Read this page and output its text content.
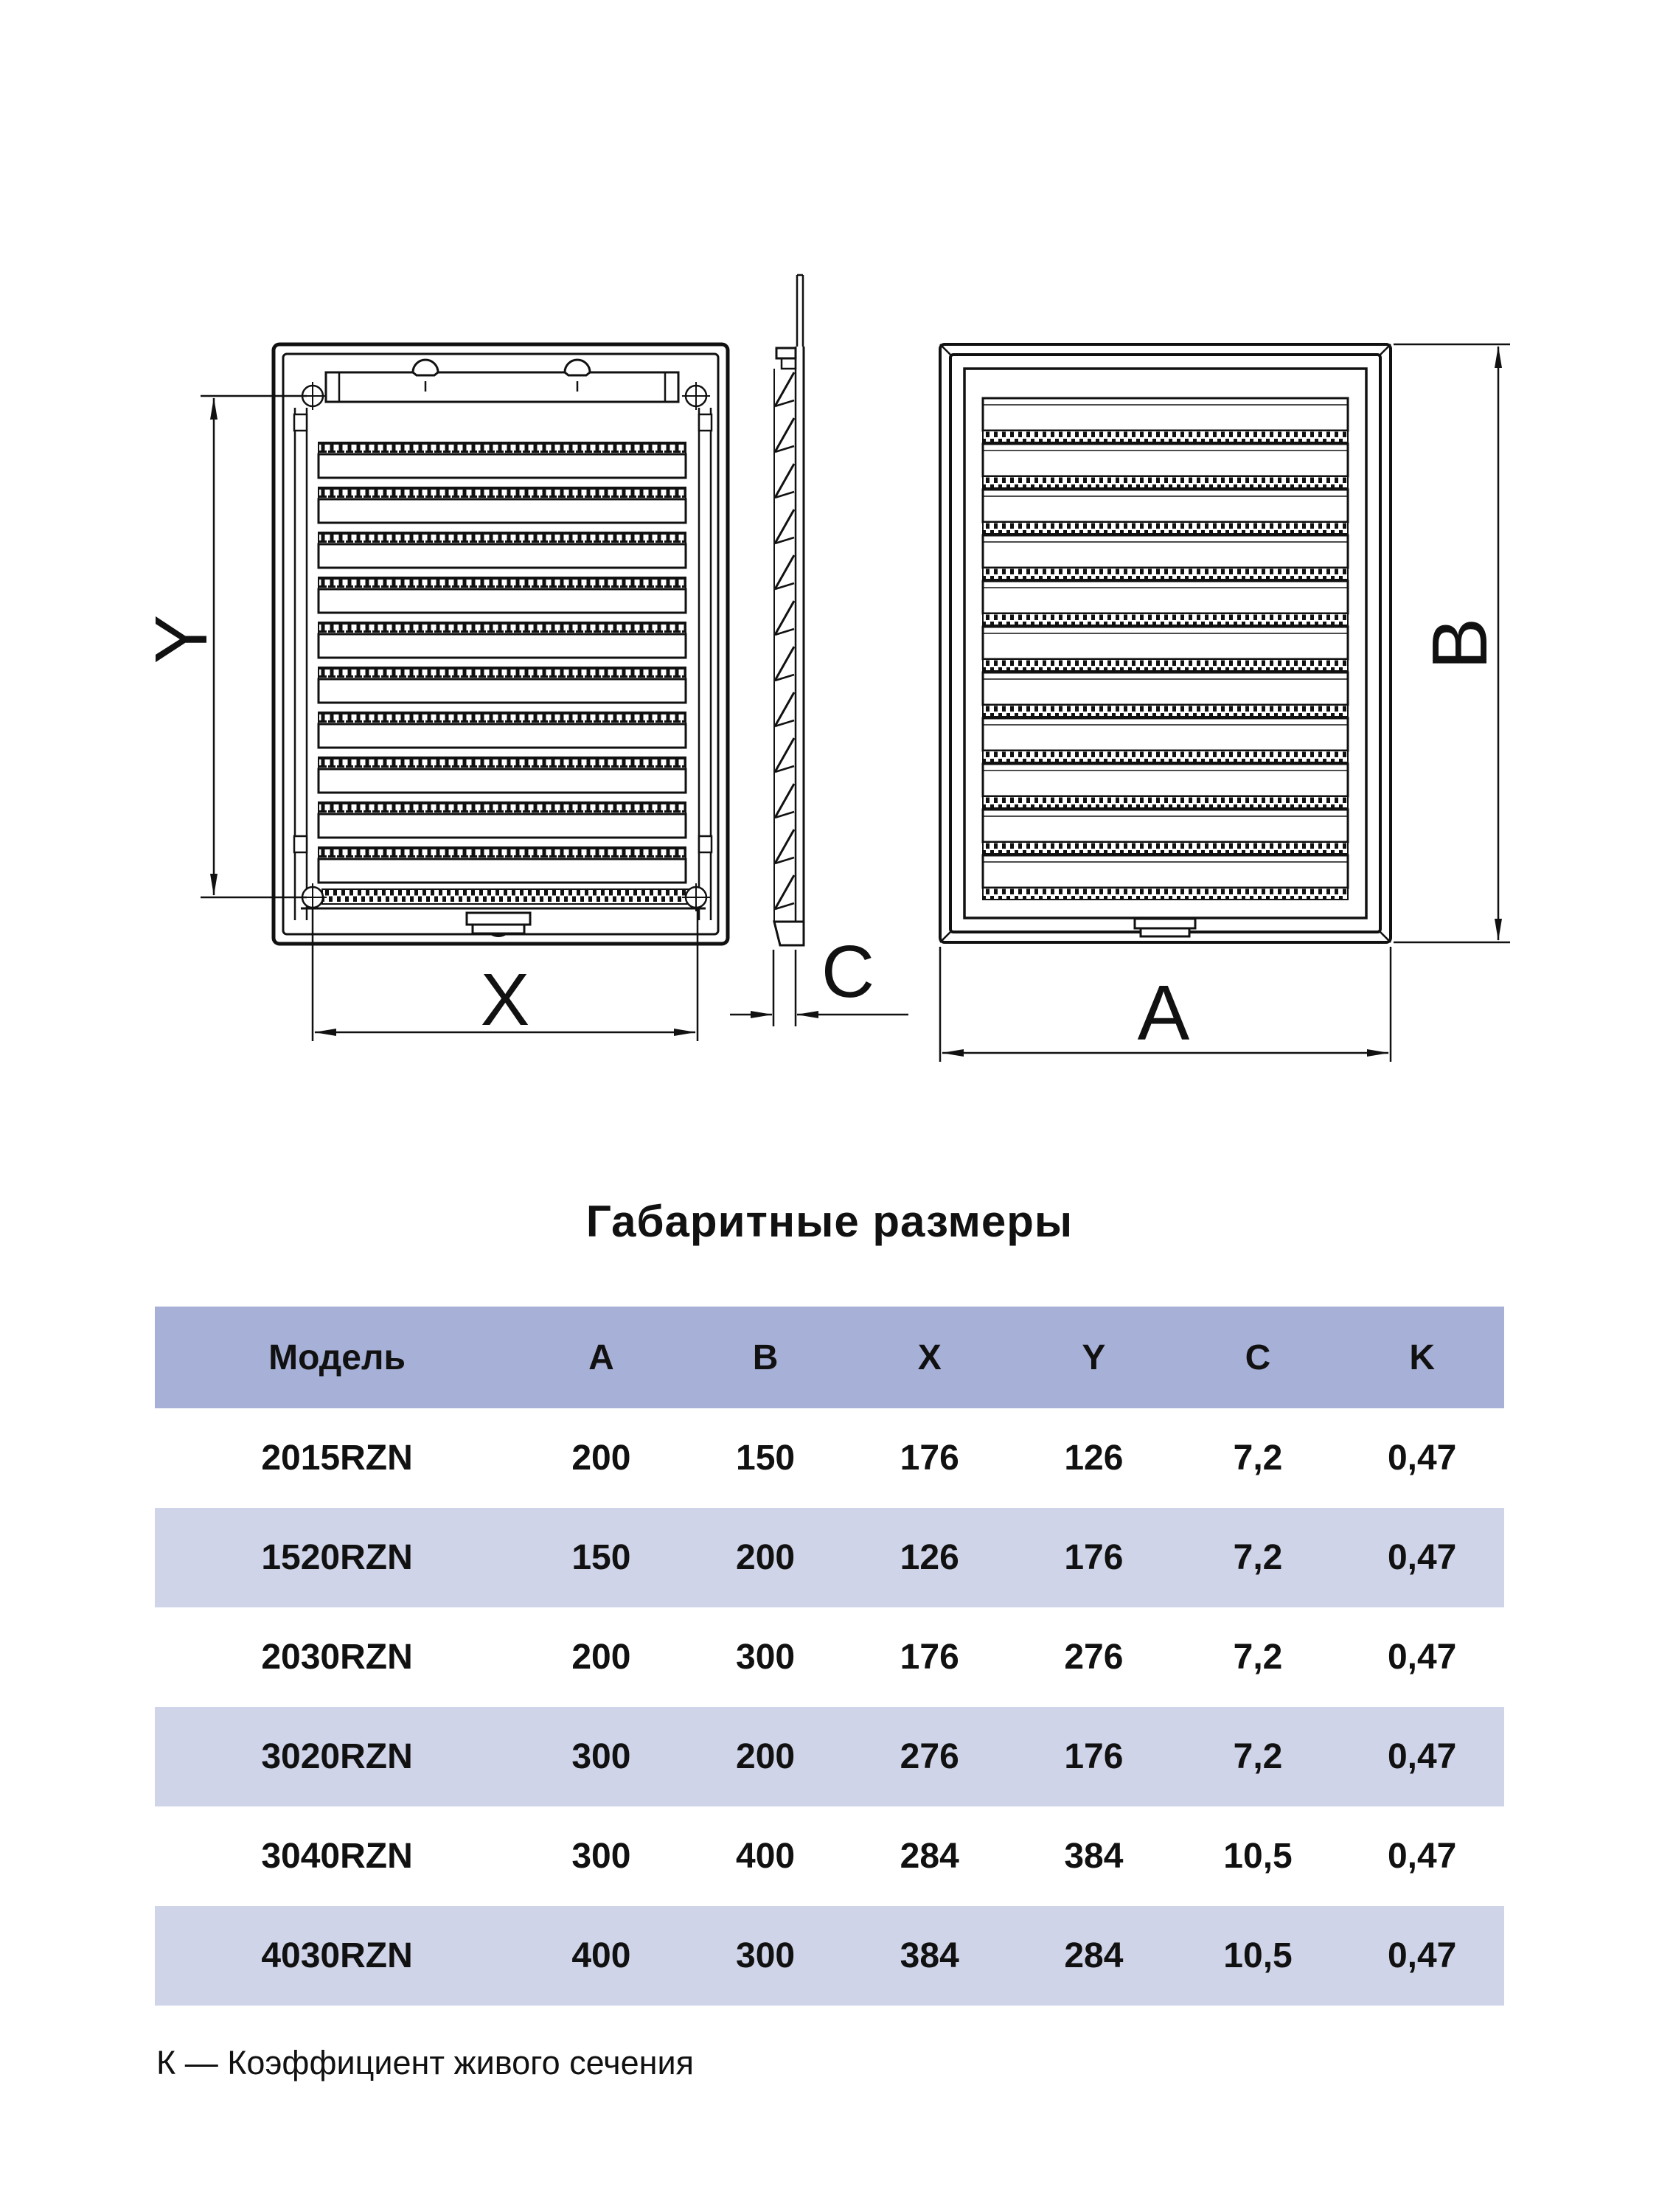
Y
X	C
B
A
Габаритные размеры
Модель	A	B	X	Y	C	K
2015RZN	200	150	176	126	7,2	0,47
1520RZN	150	200	126	176	7,2	0,47
2030RZN	200	300	176	276	7,2	0,47
3020RZN	300	200	276	176	7,2	0,47
3040RZN	300	400	284	384	10,5	0,47
4030RZN	400	300	384	284	10,5	0,47
К — Коэффициент живого сечения
